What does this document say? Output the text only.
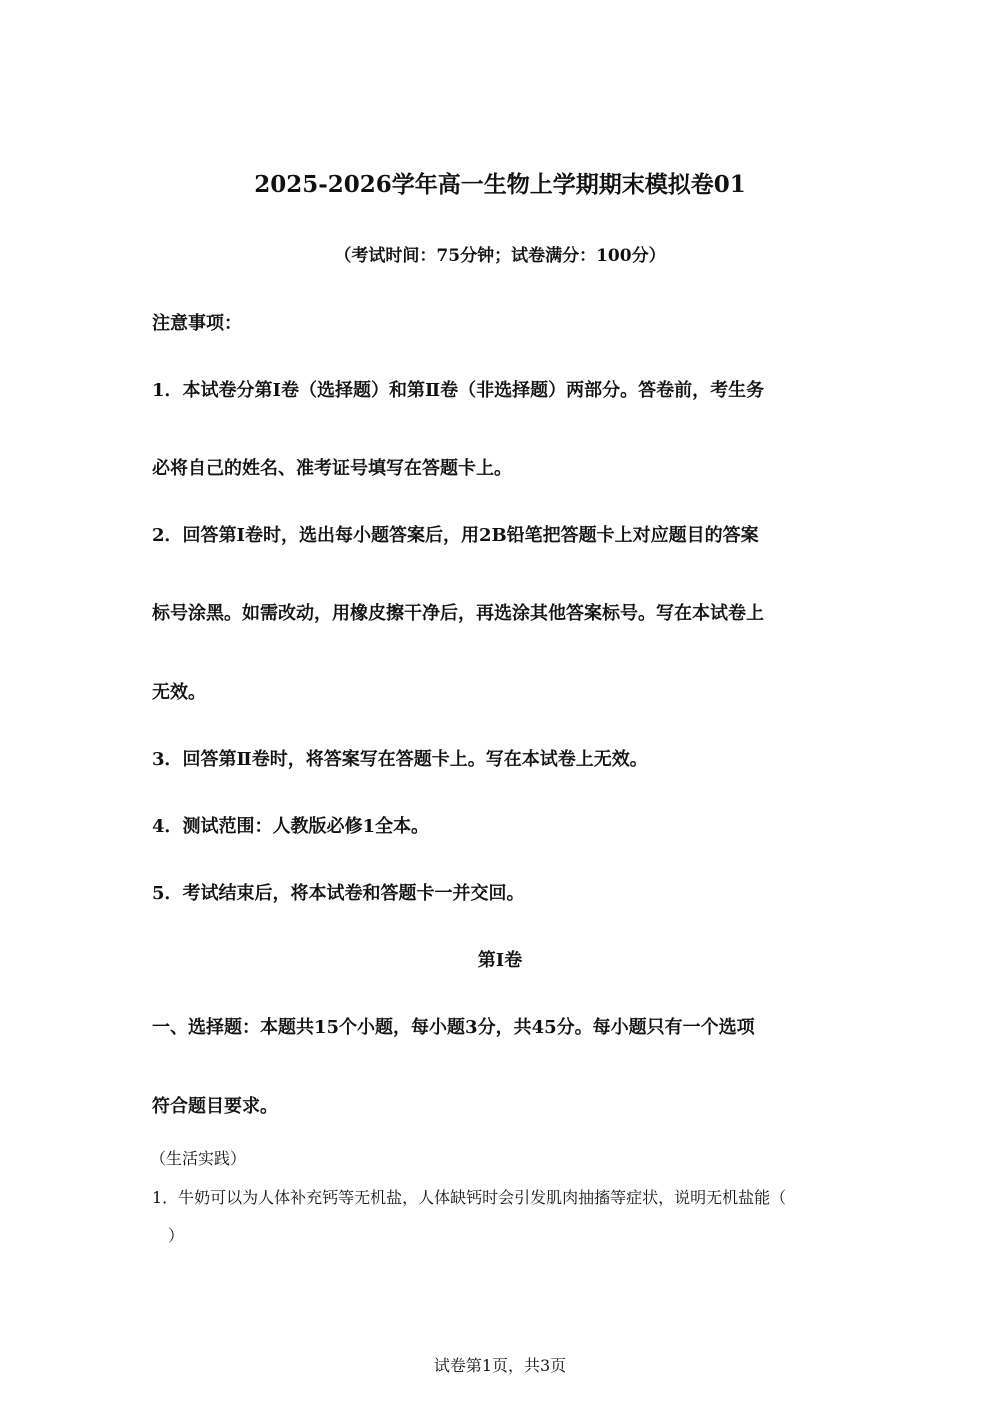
2025-2026学年高一生物上学期期末模拟卷01
（考试时间：75分钟；试卷满分：100分）
注意事项：
1．本试卷分第Ⅰ卷（选择题）和第Ⅱ卷（非选择题）两部分。答卷前，考生务
必将自己的姓名、准考证号填写在答题卡上。
2．回答第Ⅰ卷时，选出每小题答案后，用2B铅笔把答题卡上对应题目的答案
标号涂黑。如需改动，用橡皮擦干净后，再选涂其他答案标号。写在本试卷上
无效。
3．回答第Ⅱ卷时，将答案写在答题卡上。写在本试卷上无效。
4．测试范围：人教版必修1全本。
5．考试结束后，将本试卷和答题卡一并交回。
第Ⅰ卷
一、选择题：本题共15个小题，每小题3分，共45分。每小题只有一个选项
符合题目要求。
（生活实践）
1．牛奶可以为人体补充钙等无机盐，人体缺钙时会引发肌肉抽搐等症状，说明无机盐能（
　）
试卷第1页，共3页
